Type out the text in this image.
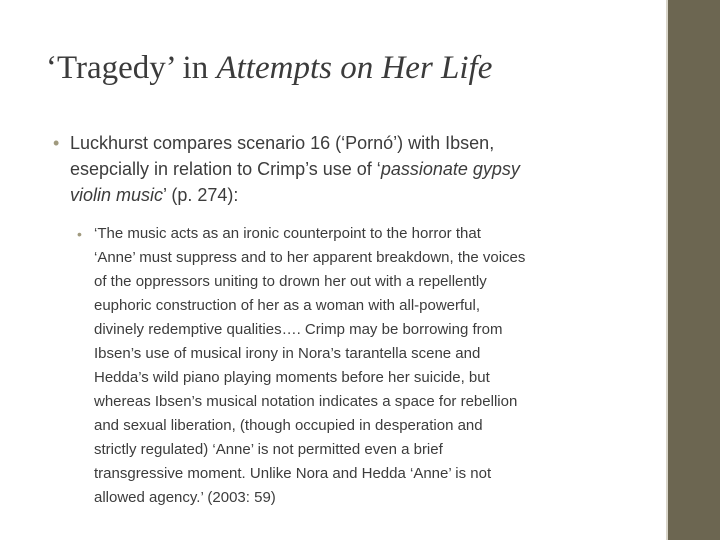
‘Tragedy’ in Attempts on Her Life
• Luckhurst compares scenario 16 (‘Pornó’) with Ibsen,
esepcially in relation to Crimp’s use of ‘passionate gypsy
violin music’ (p. 274):
• ‘The music acts as an ironic counterpoint to the horror that
‘Anne’ must suppress and to her apparent breakdown, the voices
of the oppressors uniting to drown her out with a repellently
euphoric construction of her as a woman with all-powerful,
divinely redemptive qualities…. Crimp may be borrowing from
Ibsen’s use of musical irony in Nora’s tarantella scene and
Hedda’s wild piano playing moments before her suicide, but
whereas Ibsen’s musical notation indicates a space for rebellion
and sexual liberation, (though occupied in desperation and
strictly regulated) ‘Anne’ is not permitted even a brief
transgressive moment. Unlike Nora and Hedda ‘Anne’ is not
allowed agency.’ (2003: 59)
